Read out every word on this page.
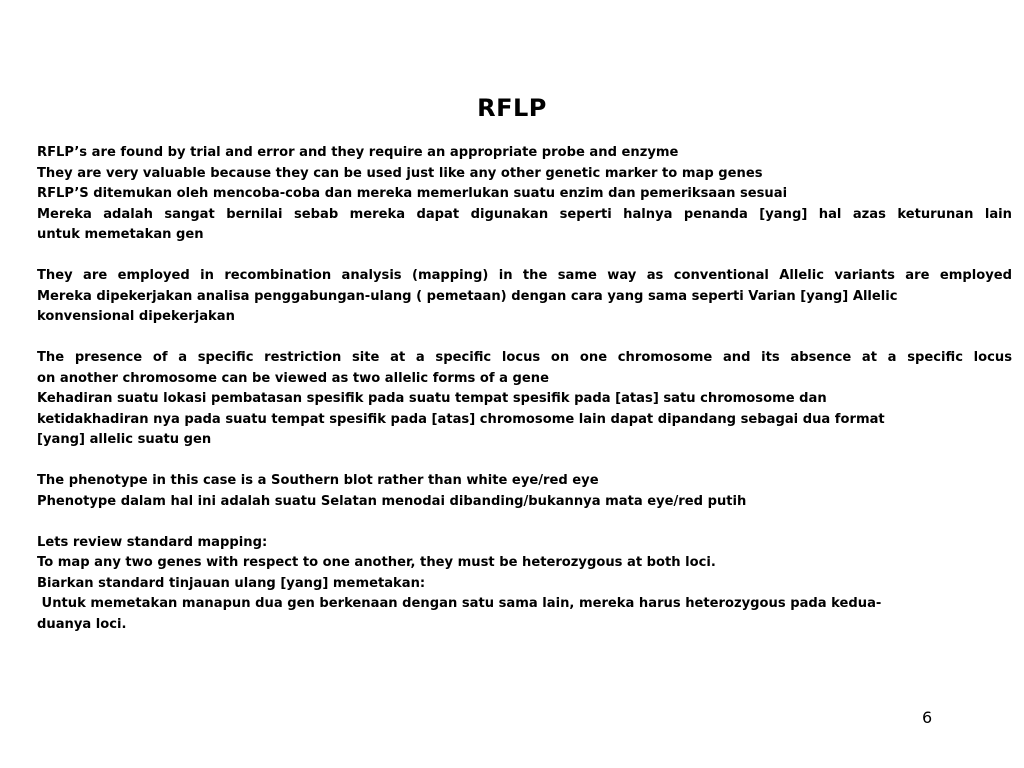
RFLP
RFLP’s are found by trial and error and they require an appropriate probe and enzyme
They are very valuable because they can be used just like any other genetic marker to map genes
RFLP’S ditemukan oleh mencoba-coba dan mereka memerlukan suatu enzim dan pemeriksaan sesuai
Mereka adalah sangat bernilai sebab mereka dapat digunakan seperti halnya penanda [yang] hal azas keturunan lain
untuk memetakan gen
They are employed in recombination analysis (mapping) in the same way as conventional Allelic variants are employed
Mereka dipekerjakan analisa penggabungan-ulang ( pemetaan) dengan cara yang sama seperti Varian [yang] Allelic
konvensional dipekerjakan
The presence of a specific restriction site at a specific locus on one chromosome and its absence at a specific locus
on another chromosome can be viewed as two allelic forms of a gene
Kehadiran suatu lokasi pembatasan spesifik pada suatu tempat spesifik pada [atas] satu chromosome dan
ketidakhadiran nya pada suatu tempat spesifik pada [atas] chromosome lain dapat dipandang sebagai dua format
[yang] allelic suatu gen
The phenotype in this case is a Southern blot rather than white eye/red eye
Phenotype dalam hal ini adalah suatu Selatan menodai dibanding/bukannya mata eye/red putih
Lets review standard mapping:
To map any two genes with respect to one another, they must be heterozygous at both loci.
Biarkan standard tinjauan ulang [yang] memetakan:
Untuk memetakan manapun dua gen berkenaan dengan satu sama lain, mereka harus heterozygous pada kedua-
duanya loci.
6
